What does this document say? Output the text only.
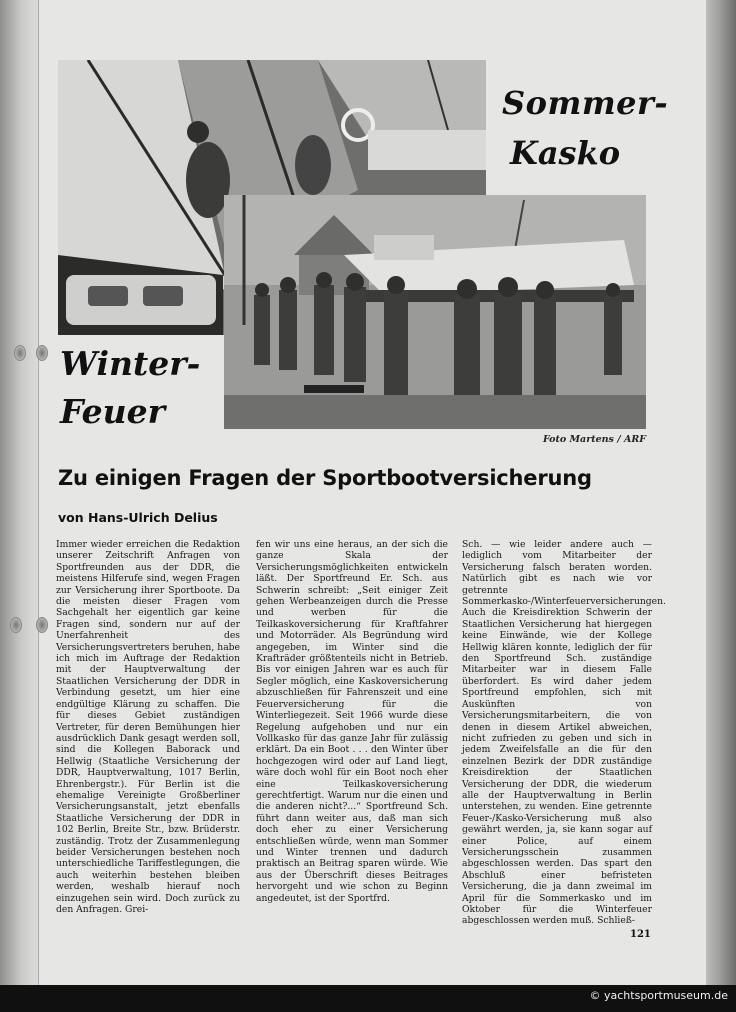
Foto Martens / ARF
Sommer-
Kasko
Winter-
Feuer
Zu einigen Fragen der Sportbootversicherung
von Hans-Ulrich Delius

Immer wieder erreichen die Redaktion unserer Zeitschrift Anfragen von Sportfreunden aus der DDR, die meistens Hilferufe sind, wegen Fragen zur Versicherung ihrer Sportboote. Da die meisten dieser Fragen vom Sachgehalt her eigentlich gar keine Fragen sind, sondern nur auf der Unerfahrenheit des Versicherungsvertreters beruhen, habe ich mich im Auftrage der Redaktion mit der Hauptverwaltung der Staatlichen Versicherung der DDR in Verbindung gesetzt, um hier eine endgültige Klärung zu schaffen. Die für dieses Gebiet zuständigen Vertreter, für deren Bemühungen hier ausdrücklich Dank gesagt werden soll, sind die Kollegen Baborack und Hellwig (Staatliche Versicherung der DDR, Hauptverwaltung, 1017 Berlin, Ehrenbergstr.). Für Berlin ist die ehemalige Vereinigte Großberliner Versicherungsanstalt, jetzt ebenfalls Staatliche Versicherung der DDR in 102 Berlin, Breite Str., bzw. Brüderstr. zuständig. Trotz der Zusammenlegung beider Versicherungen bestehen noch unterschiedliche Tariffestlegungen, die auch weiterhin bestehen bleiben werden, weshalb hierauf noch einzugehen sein wird. Doch zurück zu den Anfragen. Grei-

fen wir uns eine heraus, an der sich die ganze Skala der Versicherungsmöglichkeiten entwickeln läßt. Der Sportfreund Er. Sch. aus Schwerin schreibt: „Seit einiger Zeit gehen Werbeanzeigen durch die Presse und werben für die Teilkaskoversicherung für Kraftfahrer und Motorräder. Als Begründung wird angegeben, im Winter sind die Krafträder größtenteils nicht in Betrieb. Bis vor einigen Jahren war es auch für Segler möglich, eine Kaskoversicherung abzuschließen für Fahrenszeit und eine Feuerversicherung für die Winterliegezeit. Seit 1966 wurde diese Regelung aufgehoben und nur ein Vollkasko für das ganze Jahr für zulässig erklärt. Da ein Boot . . . den Winter über hochgezogen wird oder auf Land liegt, wäre doch wohl für ein Boot noch eher eine Teilkaskoversicherung gerechtfertigt. Warum nur die einen und die anderen nicht?...“ Sportfreund Sch. führt dann weiter aus, daß man sich doch eher zu einer Versicherung entschließen würde, wenn man Sommer und Winter trennen und dadurch praktisch an Beitrag sparen würde. Wie aus der Überschrift dieses Beitrages hervorgeht und wie schon zu Beginn angedeutet, ist der Sportfrd.

Sch. — wie leider andere auch — lediglich vom Mitarbeiter der Versicherung falsch beraten worden. Natürlich gibt es nach wie vor getrennte Sommerkasko-/Winterfeuerversicherungen. Auch die Kreisdirektion Schwerin der Staatlichen Versicherung hat hiergegen keine Einwände, wie der Kollege Hellwig klären konnte, lediglich der für den Sportfreund Sch. zuständige Mitarbeiter war in diesem Falle überfordert. Es wird daher jedem Sportfreund empfohlen, sich mit Auskünften von Versicherungsmitarbeitern, die von denen in diesem Artikel abweichen, nicht zufrieden zu geben und sich in jedem Zweifelsfalle an die für den einzelnen Bezirk der DDR zuständige Kreisdirektion der Staatlichen Versicherung der DDR, die wiederum alle der Hauptverwaltung in Berlin unterstehen, zu wenden. Eine getrennte Feuer-/Kasko-Versicherung muß also gewährt werden, ja, sie kann sogar auf einer Police, auf einem Versicherungsschein zusammen abgeschlossen werden. Das spart den Abschluß einer befristeten Versicherung, die ja dann zweimal im April für die Sommerkasko und im Oktober für die Winterfeuer abgeschlossen werden muß. Schließ-

121
© yachtsportmuseum.de
